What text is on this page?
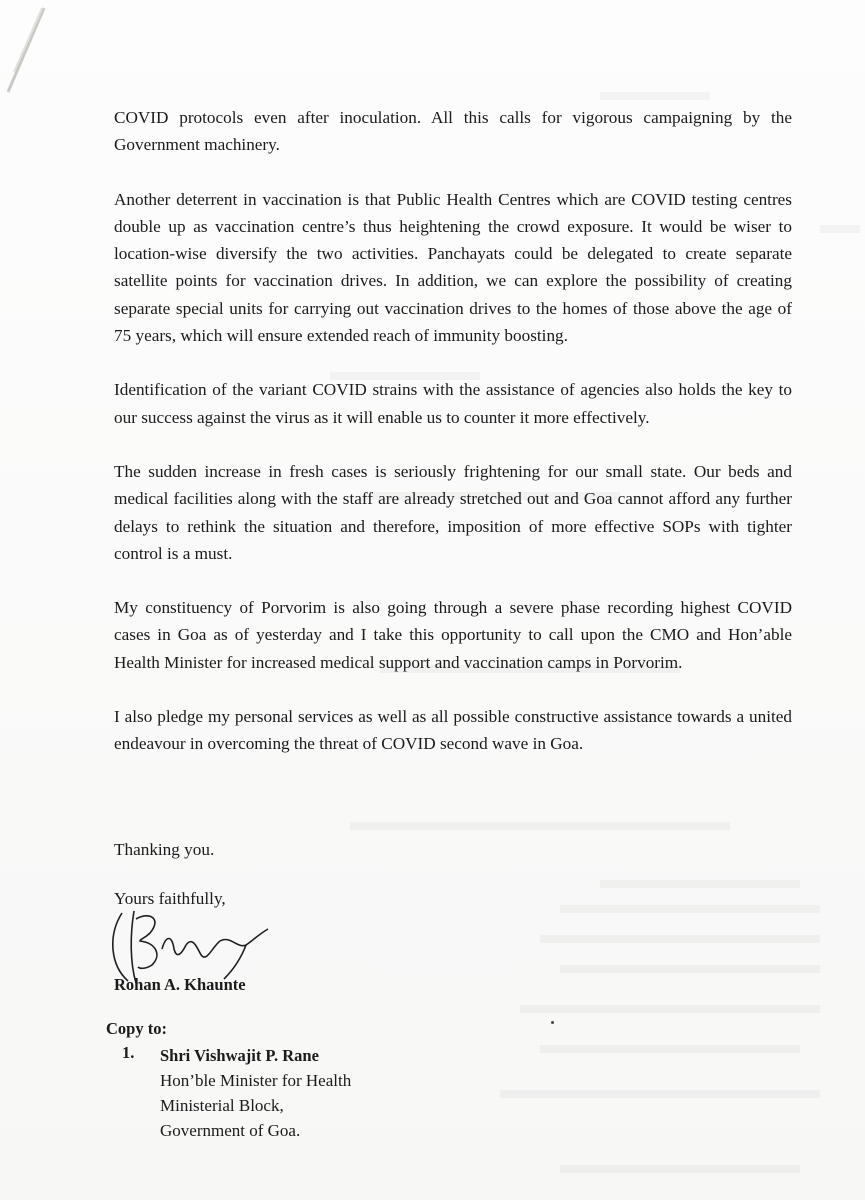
COVID protocols even after inoculation. All this calls for vigorous campaigning by the Government machinery.

Another deterrent in vaccination is that Public Health Centres which are COVID testing centres double up as vaccination centre’s thus heightening the crowd exposure. It would be wiser to location-wise diversify the two activities. Panchayats could be delegated to create separate satellite points for vaccination drives. In addition, we can explore the possibility of creating separate special units for carrying out vaccination drives to the homes of those above the age of 75 years, which will ensure extended reach of immunity boosting.

Identification of the variant COVID strains with the assistance of agencies also holds the key to our success against the virus as it will enable us to counter it more effectively.

The sudden increase in fresh cases is seriously frightening for our small state. Our beds and medical facilities along with the staff are already stretched out and Goa cannot afford any further delays to rethink the situation and therefore, imposition of more effective SOPs with tighter control is a must.

My constituency of Porvorim is also going through a severe phase recording highest COVID cases in Goa as of yesterday and I take this opportunity to call upon the CMO and Hon’able Health Minister for increased medical support and vaccination camps in Porvorim.

I also pledge my personal services as well as all possible constructive assistance towards a united endeavour in overcoming the threat of COVID second wave in Goa.

Thanking you.
Yours faithfully,
Rohan A. Khaunte
Copy to:
1. Shri Vishwajit P. Rane
Hon’ble Minister for Health
Ministerial Block,
Government of Goa.
